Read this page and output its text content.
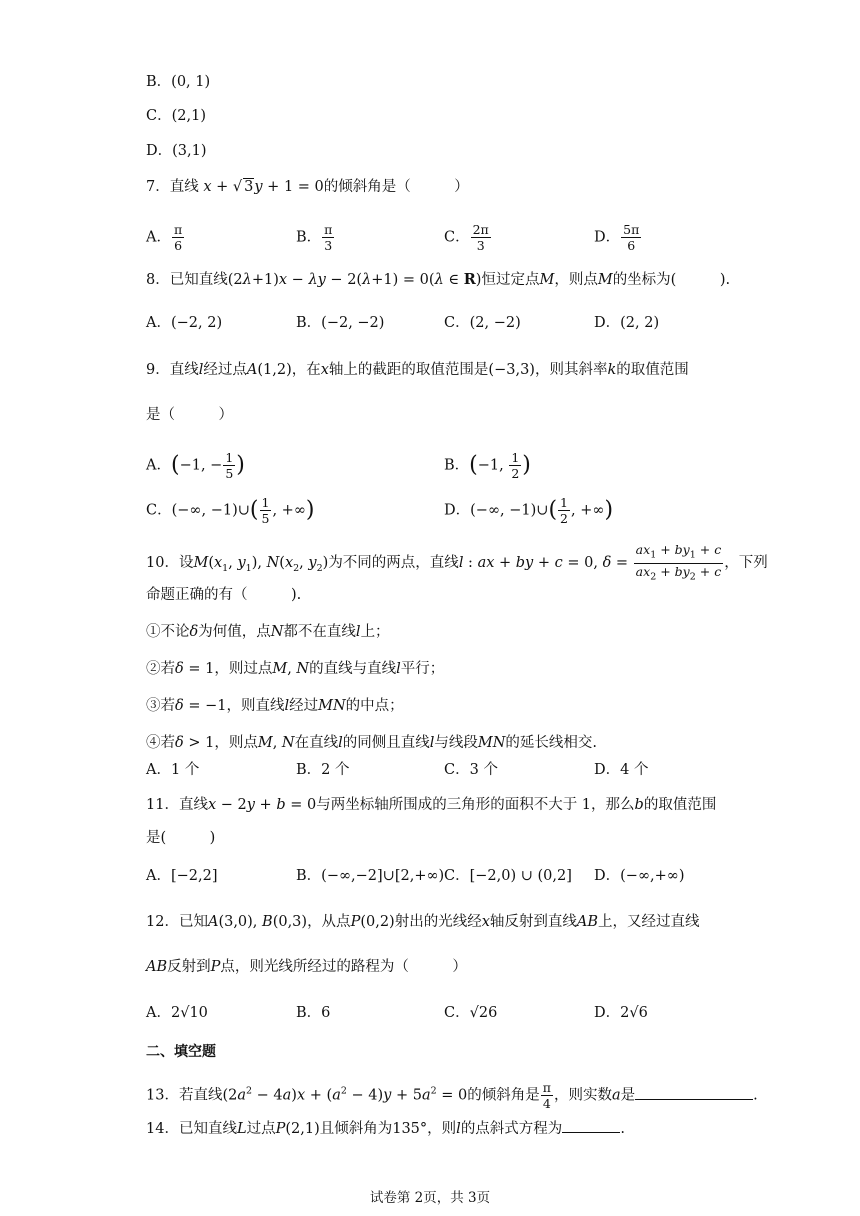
B．(0, 1)
C．(2,1)
D．(3,1)
7．直线 x + √ 3y + 1 = 0的倾斜角是（　　　）
A． $\frac{\pi}{6}$	B． $\frac{\pi}{3}$	C． $\frac{2\pi}{3}$	D． $\frac{5\pi}{6}$
8．已知直线(2λ+1)x − λy − 2(λ+1) = 0(λ ∈ R)恒过定点M，则点M的坐标为(　　　).
A．(−2, 2)	B．(−2, −2)	C．(2, −2)	D．(2, 2)
9．直线l经过点A(1,2)，在x轴上的截距的取值范围是(−3,3)，则其斜率k的取值范围
是（　　　）
A．(−1, − $\frac{1}{5}$ )	B．(−1, $\frac{1}{2}$ )
C．(−∞, −1)∪( $\frac{1}{5}$ , +∞)	D．(−∞, −1)∪( $\frac{1}{2}$ , +∞)
10．设$M(x_1$, $y_1$), $N(x_2$, $y_2$)为不同的两点，直线l : ax + by + c = 0, $\delta = \frac{ax_1 + by_1 + c}{ax_2 + by_2 + c}$ ，下列
命题正确的有（　　　).
①不论δ为何值，点N都不在直线l上；
②若δ = 1，则过点M, N的直线与直线l平行；
③若δ = −1，则直线l经过MN的中点；
④若δ > 1，则点M, N在直线l的同侧且直线l与线段MN的延长线相交.
A．1 个	B．2 个	C．3 个	D．4 个
11．直线x − 2y + b = 0与两坐标轴所围成的三角形的面积不大于 1，那么b的取值范围
是(　　　)
A．[−2,2]	B．(−∞,−2]∪[2,+∞) C．[−2,0) ∪ (0,2] D．(−∞,+∞)
12．已知A(3,0), B(0,3)，从点P(0,2)射出的光线经x轴反射到直线AB上，又经过直线
AB反射到P点，则光线所经过的路程为（　　　）
A．2√10	B．6	C．√26	D．2√6
二、填空题
13．若直线$(2a^2 - 4a)x + (a^2 - 4)y + 5a^2 = 0$的倾斜角是 $\frac{\pi}{4}$ ，则实数a是	.
14．已知直线L过点P(2,1)且倾斜角为135°，则l的点斜式方程为	.
试卷第 2页，共 3页
